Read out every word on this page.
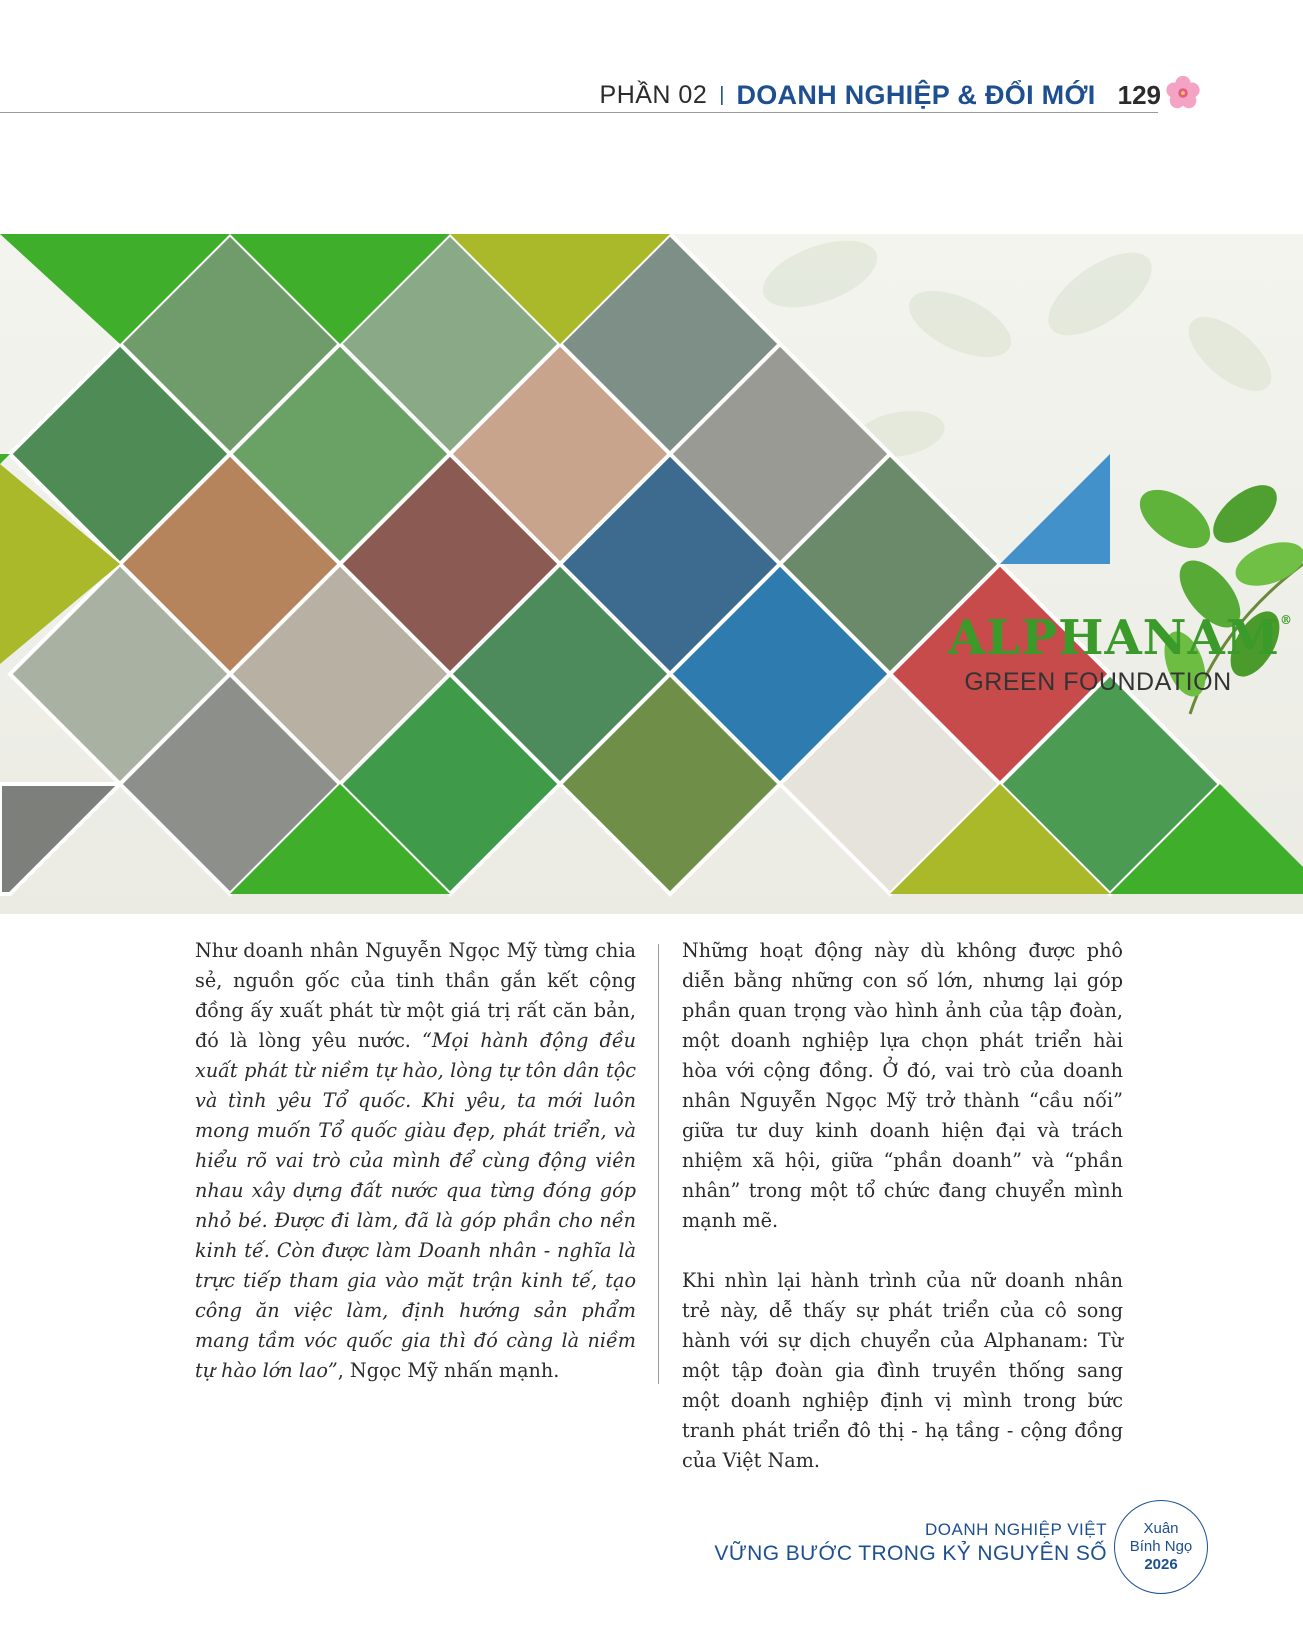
PHẦN 02 | DOANH NGHIỆP & ĐỔI MỚI 129
ALPHANAM®
GREEN FOUNDATION

Như doanh nhân Nguyễn Ngọc Mỹ từng chia sẻ, nguồn gốc của tinh thần gắn kết cộng đồng ấy xuất phát từ một giá trị rất căn bản, đó là lòng yêu nước. “Mọi hành động đều xuất phát từ niềm tự hào, lòng tự tôn dân tộc và tình yêu Tổ quốc. Khi yêu, ta mới luôn mong muốn Tổ quốc giàu đẹp, phát triển, và hiểu rõ vai trò của mình để cùng động viên nhau xây dựng đất nước qua từng đóng góp nhỏ bé. Được đi làm, đã là góp phần cho nền kinh tế. Còn được làm Doanh nhân - nghĩa là trực tiếp tham gia vào mặt trận kinh tế, tạo công ăn việc làm, định hướng sản phẩm mang tầm vóc quốc gia thì đó càng là niềm tự hào lớn lao”, Ngọc Mỹ nhấn mạnh.

Những hoạt động này dù không được phô diễn bằng những con số lớn, nhưng lại góp phần quan trọng vào hình ảnh của tập đoàn, một doanh nghiệp lựa chọn phát triển hài hòa với cộng đồng. Ở đó, vai trò của doanh nhân Nguyễn Ngọc Mỹ trở thành “cầu nối” giữa tư duy kinh doanh hiện đại và trách nhiệm xã hội, giữa “phần doanh” và “phần nhân” trong một tổ chức đang chuyển mình mạnh mẽ.

Khi nhìn lại hành trình của nữ doanh nhân trẻ này, dễ thấy sự phát triển của cô song hành với sự dịch chuyển của Alphanam: Từ một tập đoàn gia đình truyền thống sang một doanh nghiệp định vị mình trong bức tranh phát triển đô thị - hạ tầng - cộng đồng của Việt Nam.

DOANH NGHIỆP VIỆT
VỮNG BƯỚC TRONG KỶ NGUYÊN SỐ
Xuân
Bính Ngọ
2026
